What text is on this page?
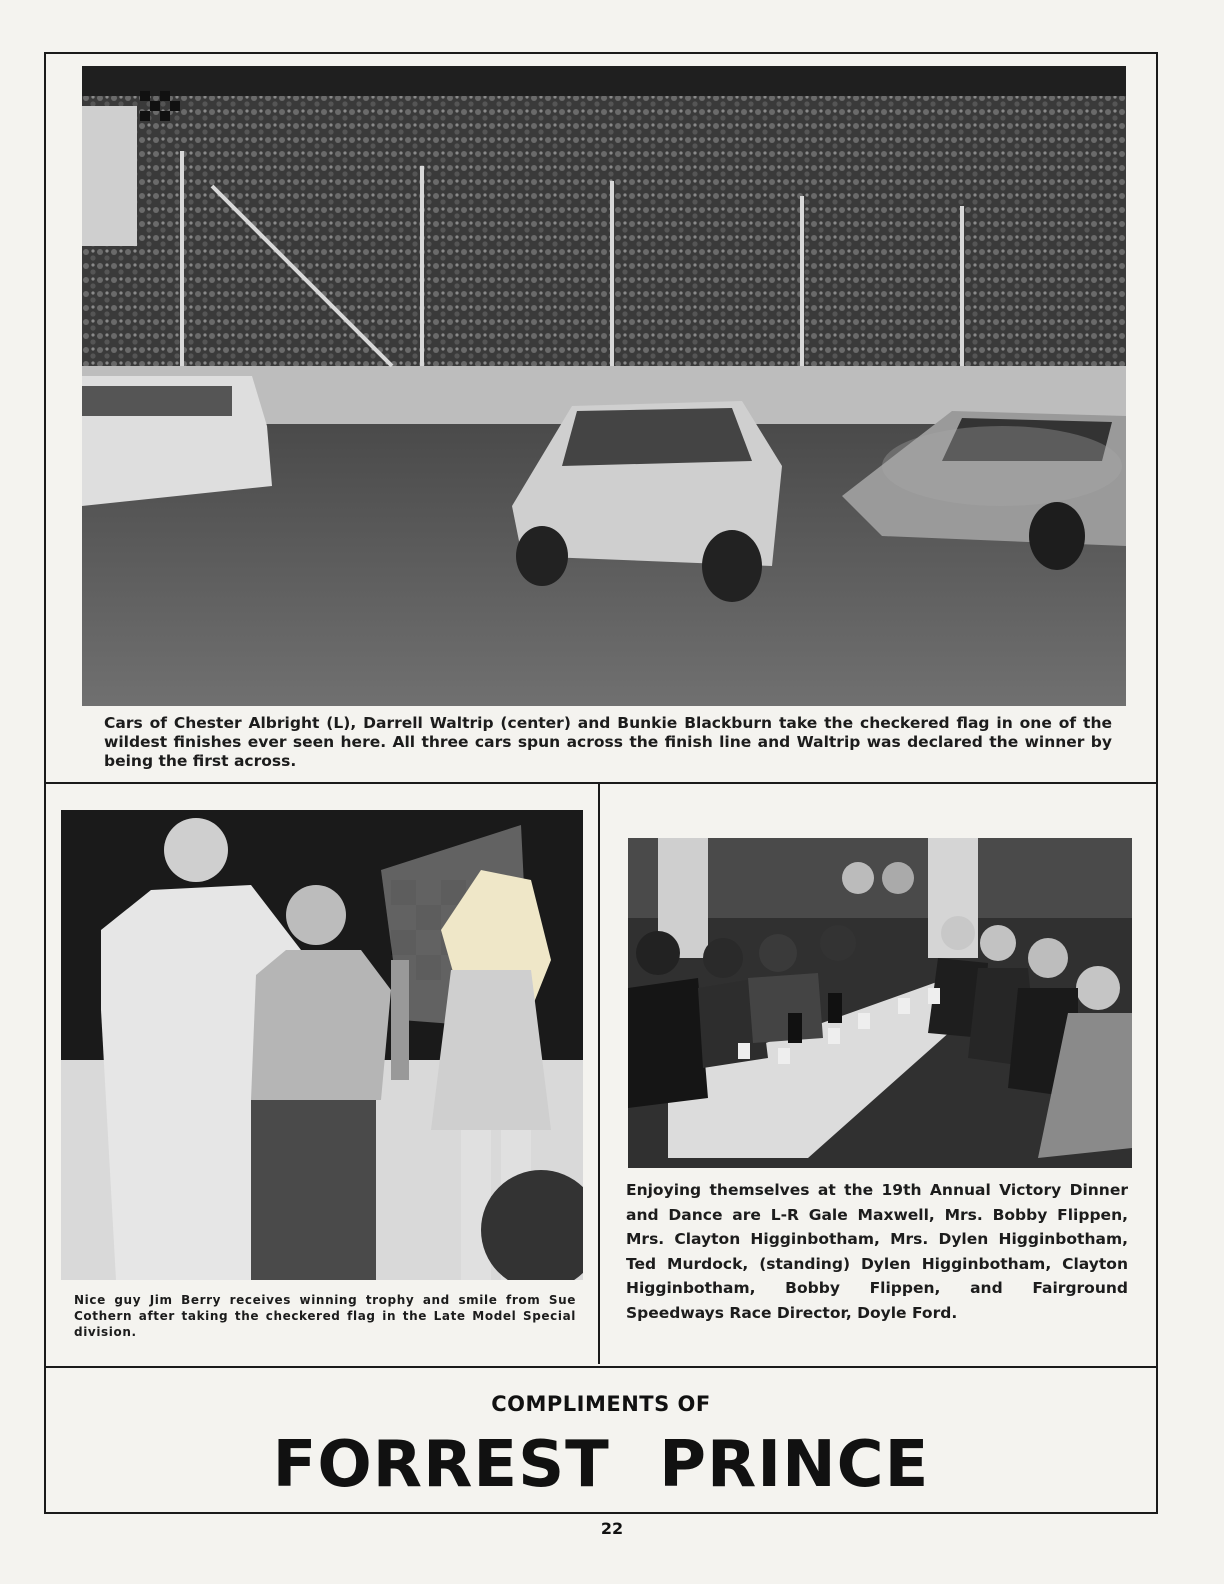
Cars of Chester Albright (L), Darrell Waltrip (center) and Bunkie Blackburn take the checkered flag in one of the wildest finishes ever seen here. All three cars spun across the finish line and Waltrip was declared the winner by being the first across.
Nice guy Jim Berry receives winning trophy and smile from Sue Cothern after taking the checkered flag in the Late Model Special division.
Enjoying themselves at the 19th Annual Victory Dinner and Dance are L-R Gale Maxwell, Mrs. Bobby Flippen, Mrs. Clayton Higginbotham, Mrs. Dylen Higginbotham, Ted Murdock, (standing) Dylen Higginbotham, Clayton Higginbotham, Bobby Flippen, and Fairground Speedways Race Director, Doyle Ford.
COMPLIMENTS OF
FORREST PRINCE
22
